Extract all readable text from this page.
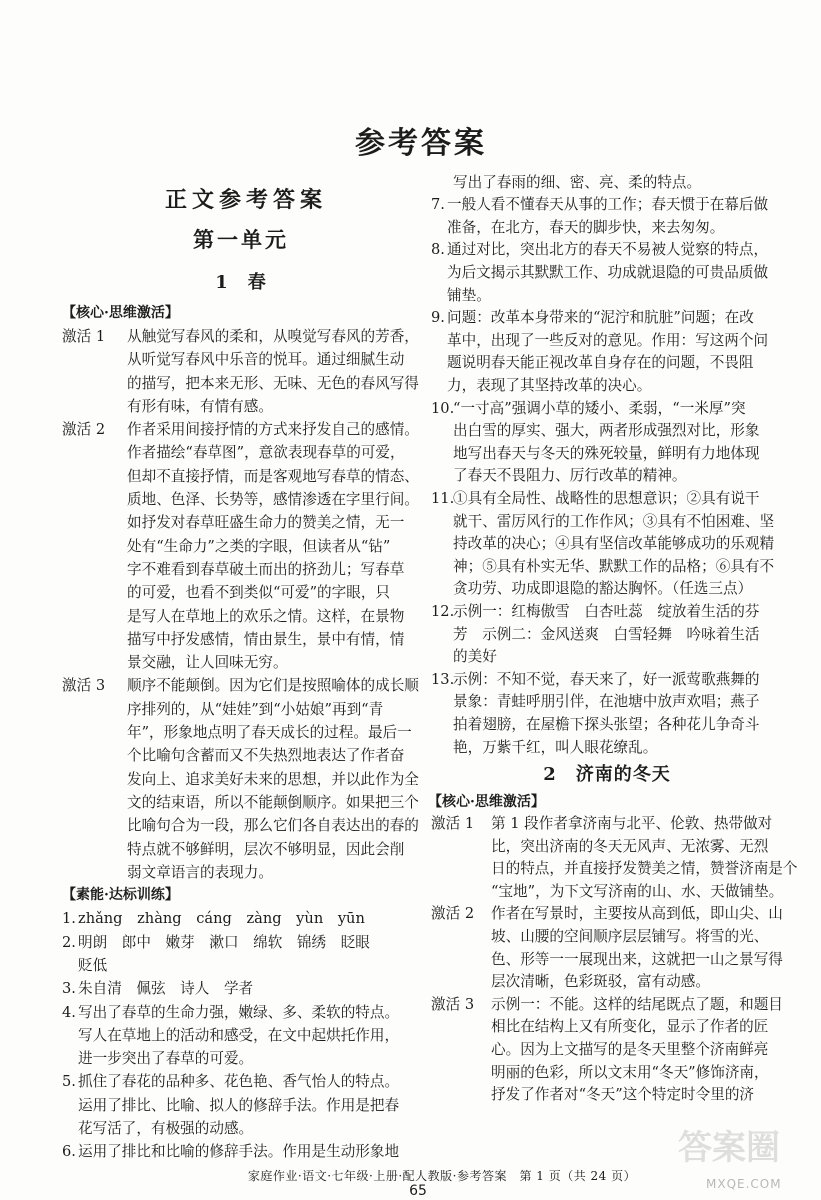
参考答案
正文参考答案
第一单元
1　春
【核心·思维激活】
激活 1 从触觉写春风的柔和，从嗅觉写春风的芳香，
从听觉写春风中乐音的悦耳。通过细腻生动
的描写，把本来无形、无味、无色的春风写得
有形有味，有情有感。
激活 2 作者采用间接抒情的方式来抒发自己的感情。
作者描绘“春草图”，意欲表现春草的可爱，
但却不直接抒情，而是客观地写春草的情态、
质地、色泽、长势等，感情渗透在字里行间。
如抒发对春草旺盛生命力的赞美之情，无一
处有“生命力”之类的字眼，但读者从“钻”
字不难看到春草破土而出的挤劲儿；写春草
的可爱，也看不到类似“可爱”的字眼，只
是写人在草地上的欢乐之情。这样，在景物
描写中抒发感情，情由景生，景中有情，情
景交融，让人回味无穷。
激活 3 顺序不能颠倒。因为它们是按照喻体的成长顺
序排列的，从“娃娃”到“小姑娘”再到“青
年”，形象地点明了春天成长的过程。最后一
个比喻句含蓄而又不失热烈地表达了作者奋
发向上、追求美好未来的思想，并以此作为全
文的结束语，所以不能颠倒顺序。如果把三个
比喻句合为一段，那么它们各自表达出的春的
特点就不够鲜明，层次不够明显，因此会削
弱文章语言的表现力。
【素能·达标训练】
1. zhǎng　zhàng　cáng　zàng　yùn　yūn
2. 明朗　郎中　嫩芽　漱口　绵软　锦绣　眨眼
贬低
3. 朱自清　佩弦　诗人　学者
4. 写出了春草的生命力强，嫩绿、多、柔软的特点。
写人在草地上的活动和感受，在文中起烘托作用，
进一步突出了春草的可爱。
5. 抓住了春花的品种多、花色艳、香气怡人的特点。
运用了排比、比喻、拟人的修辞手法。作用是把春
花写活了，有极强的动感。
6. 运用了排比和比喻的修辞手法。作用是生动形象地
写出了春雨的细、密、亮、柔的特点。
7. 一般人看不懂春天从事的工作；春天惯于在幕后做
准备，在北方，春天的脚步快，来去匆匆。
8. 通过对比，突出北方的春天不易被人觉察的特点，
为后文揭示其默默工作、功成就退隐的可贵品质做
铺垫。
9. 问题：改革本身带来的“泥泞和肮脏”问题；在改
革中，出现了一些反对的意见。作用：写这两个问
题说明春天能正视改革自身存在的问题，不畏阻
力，表现了其坚持改革的决心。
10.
“一寸高”强调小草的矮小、柔弱，“一米厚”突
出白雪的厚实、强大，两者形成强烈对比，形象
地写出春天与冬天的殊死较量，鲜明有力地体现
了春天不畏阻力、厉行改革的精神。
11.
①具有全局性、战略性的思想意识；②具有说干
就干、雷厉风行的工作作风；③具有不怕困难、坚
持改革的决心；④具有坚信改革能够成功的乐观精
神；⑤具有朴实无华、默默工作的品格；⑥具有不
贪功劳、功成即退隐的豁达胸怀。（任选三点）
12.
示例一：红梅傲雪　白杏吐蕊　绽放着生活的芬
芳　示例二：金风送爽　白雪轻舞　吟咏着生活
的美好
13.
示例：不知不觉，春天来了，好一派莺歌燕舞的
景象：青蛙呼朋引伴，在池塘中放声欢唱；燕子
拍着翅膀，在屋檐下探头张望；各种花儿争奇斗
艳，万紫千红，叫人眼花缭乱。
2　济南的冬天
【核心·思维激活】
激活 1 第 1 段作者拿济南与北平、伦敦、热带做对
比，突出济南的冬天无风声、无浓雾、无烈
日的特点，并直接抒发赞美之情，赞誉济南是个
“宝地”，为下文写济南的山、水、天做铺垫。
激活 2 作者在写景时，主要按从高到低，即山尖、山
坡、山腰的空间顺序层层铺写。将雪的光、
色、形等一一展现出来，这就把一山之景写得
层次清晰，色彩斑驳，富有动感。
激活 3 示例一：不能。这样的结尾既点了题，和题目
相比在结构上又有所变化，显示了作者的匠
心。因为上文描写的是冬天里整个济南鲜亮
明丽的色彩，所以文末用“冬天”修饰济南，
抒发了作者对“冬天”这个特定时令里的济
答案圈
家庭作业·语文·七年级·上册·配人教版·参考答案　第 1 页（共 24 页）
65	MXQE.COM
